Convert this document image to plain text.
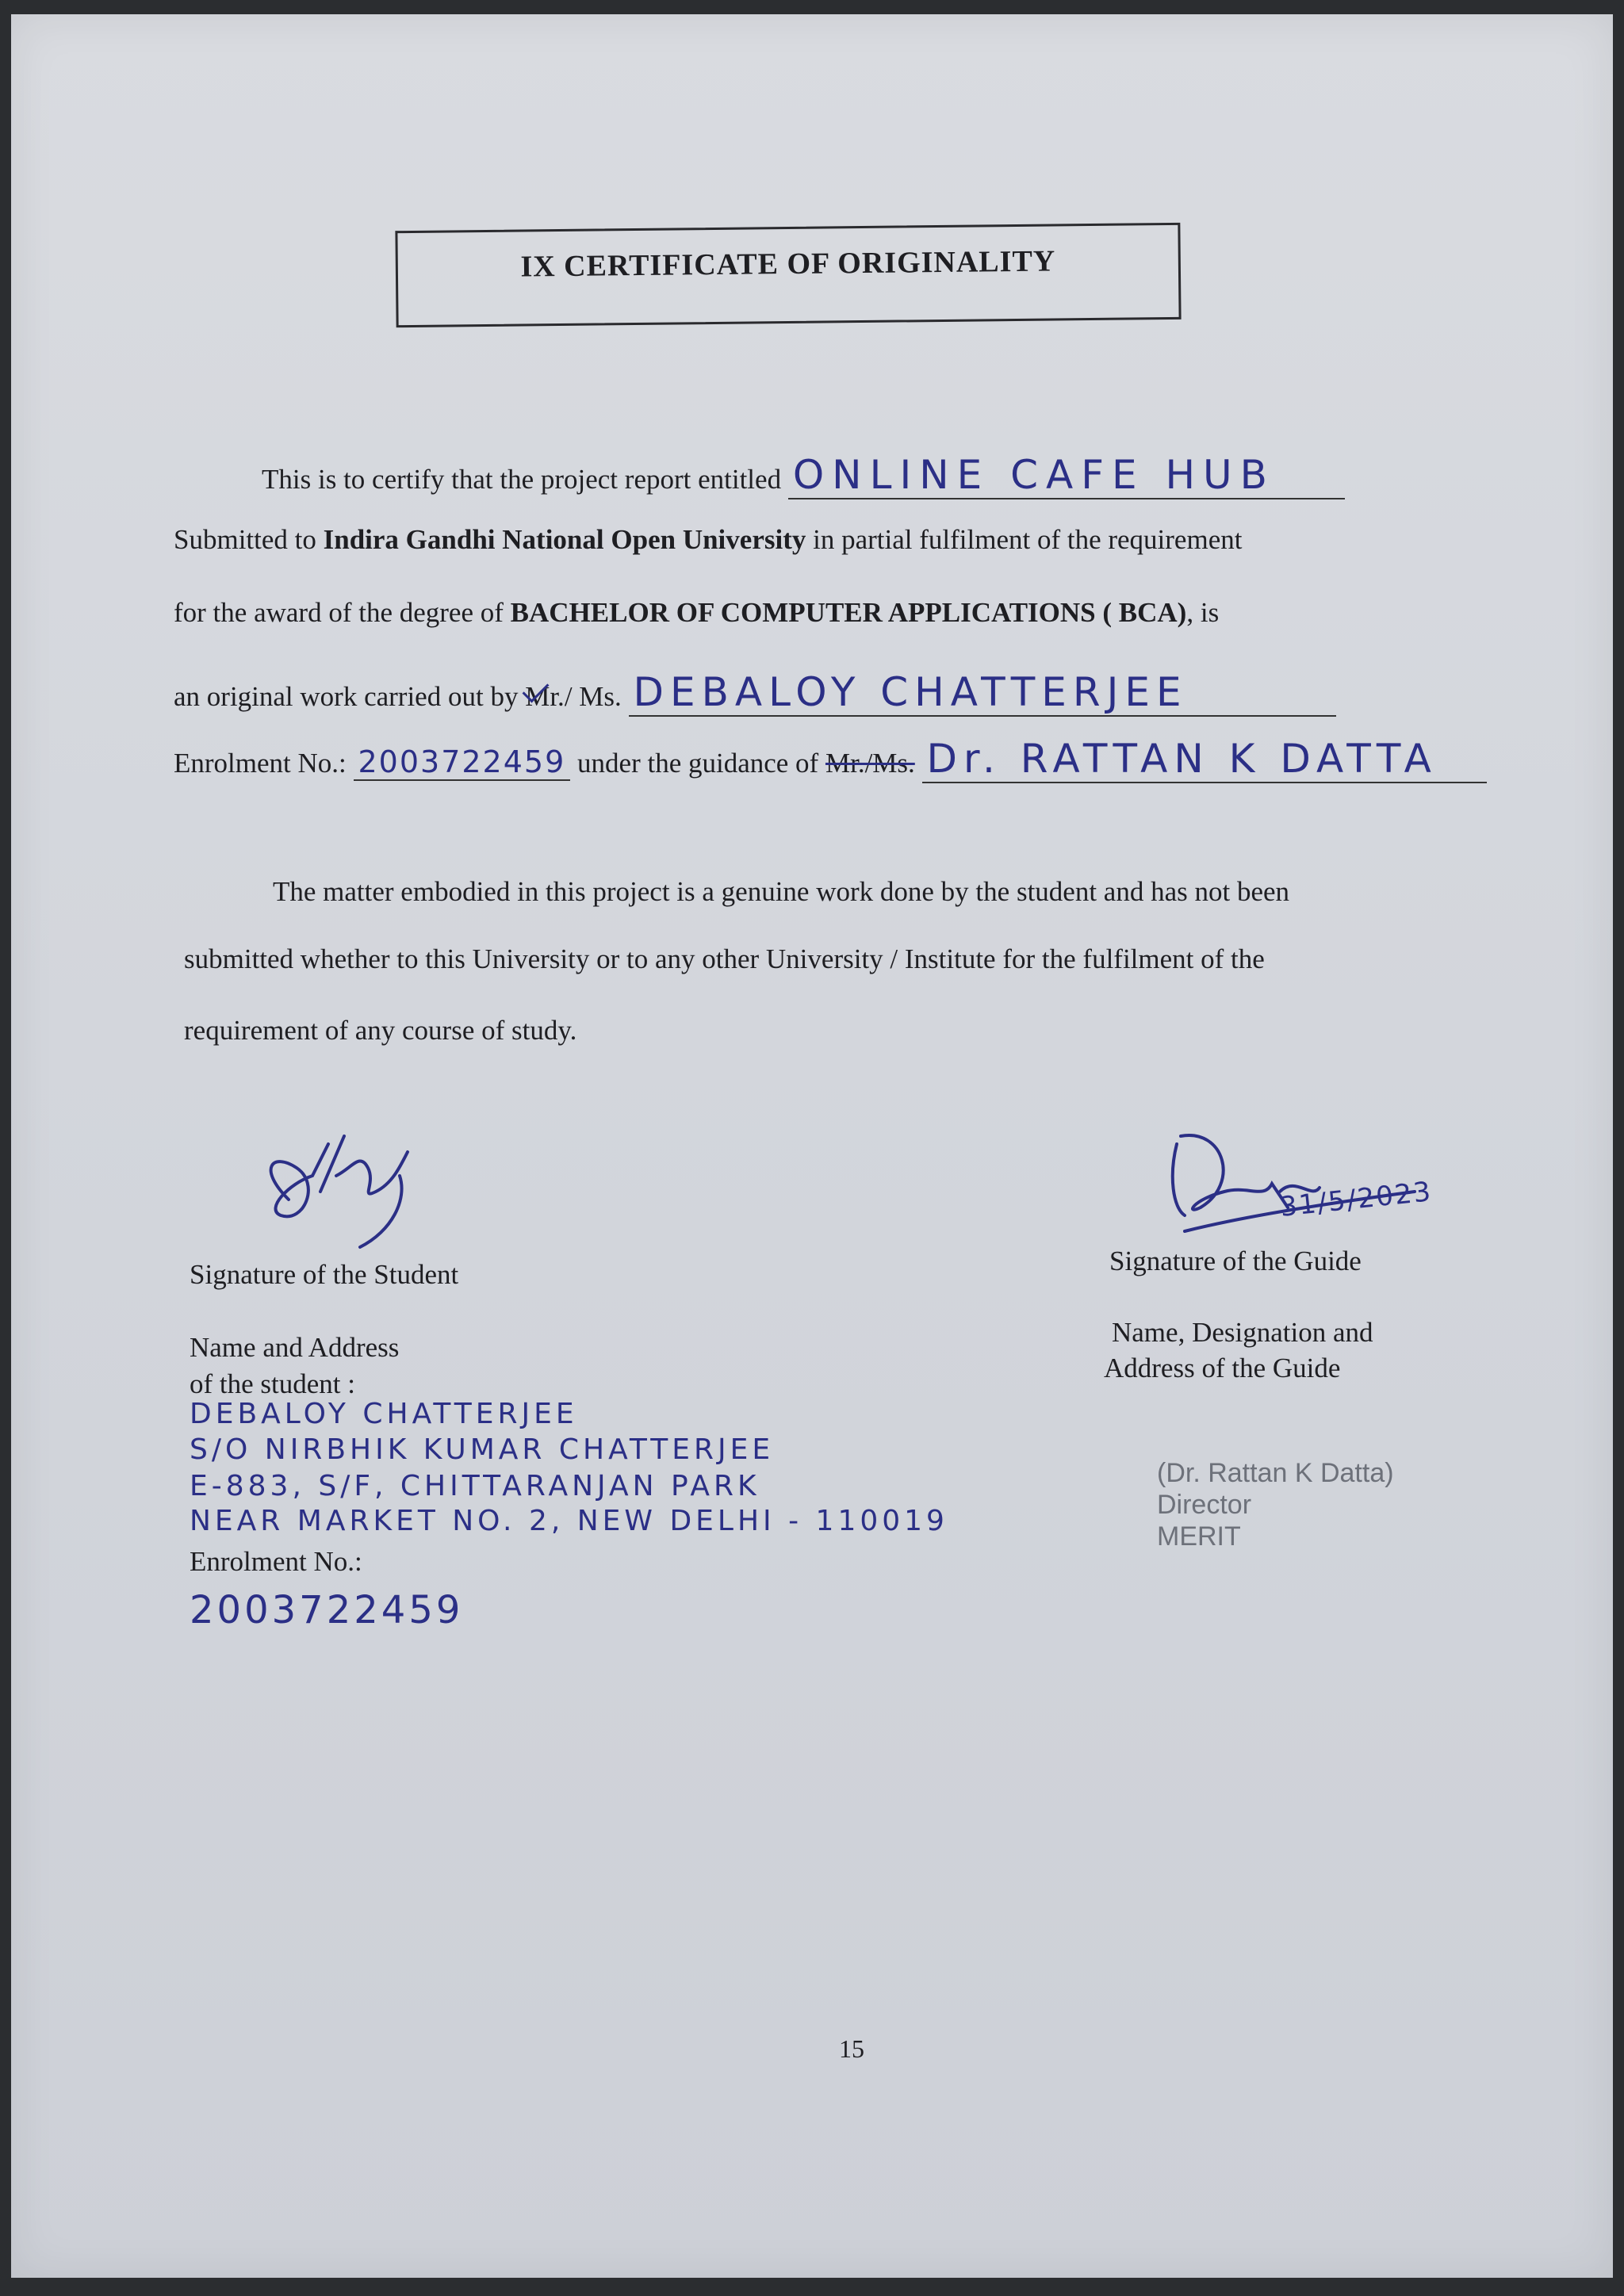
IX CERTIFICATE OF ORIGINALITY
This is to certify that the project report entitled ONLINE CAFE HUB
Submitted to Indira Gandhi National Open University in partial fulfilment of the requirement
for the award of the degree of BACHELOR OF COMPUTER APPLICATIONS ( BCA), is
an original work carried out by Mr./ Ms. DEBALOY CHATTERJEE
Enrolment No.: 2003722459 under the guidance of Mr./Ms. Dr. RATTAN K DATTA
The matter embodied in this project is a genuine work done by the student and has not been
submitted whether to this University or to any other University / Institute for the fulfilment of the
requirement of any course of study.
Signature of the Student
Name and Address
of the student :
DEBALOY CHATTERJEE
S/O NIRBHIK KUMAR CHATTERJEE
E-883, S/F, CHITTARANJAN PARK
NEAR MARKET NO. 2, NEW DELHI - 110019
Enrolment No.:
2003722459
31/5/2023
Signature of the Guide
Name, Designation and
Address of the Guide
(Dr. Rattan K Datta)
Director
MERIT
15
